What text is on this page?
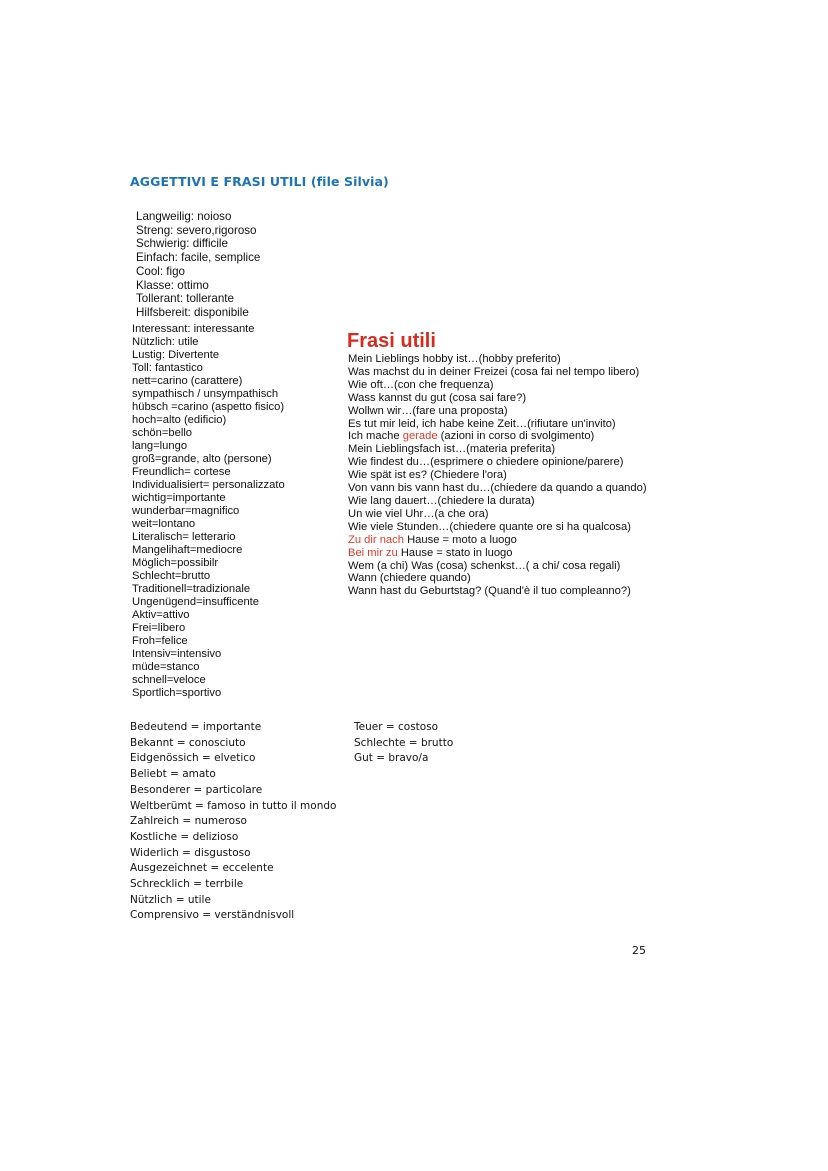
AGGETTIVI E FRASI UTILI (file Silvia)
Langweilig: noioso
Streng: severo,rigoroso
Schwierig: difficile
Einfach: facile, semplice
Cool: figo
Klasse: ottimo
Tollerant: tollerante
Hilfsbereit: disponibile
Interessant: interessante
Nützlich: utile
Lustig: Divertente
Toll: fantastico
nett=carino (carattere)
sympathisch / unsympathisch
hübsch =carino (aspetto fisico)
hoch=alto (edificio)
schön=bello
lang=lungo
groß=grande, alto (persone)
Freundlich= cortese
Individualisiert= personalizzato
wichtig=importante
wunderbar=magnifico
weit=lontano
Literalisch= letterario
Mangelihaft=mediocre
Möglich=possibilr
Schlecht=brutto
Traditionell=tradizionale
Ungenügend=insufficente
Aktiv=attivo
Frei=libero
Froh=felice
Intensiv=intensivo
müde=stanco
schnell=veloce
Sportlich=sportivo
Frasi utili
Mein Lieblings hobby ist…(hobby preferito)
Was machst du in deiner Freizei (cosa fai nel tempo libero)
Wie oft…(con che frequenza)
Wass kannst du gut (cosa sai fare?)
Wollwn wir…(fare una proposta)
Es tut mir leid, ich habe keine Zeit…(rifiutare un'invito)
Ich mache gerade (azioni in corso di svolgimento)
Mein Lieblingsfach ist…(materia preferita)
Wie findest du…(esprimere o chiedere opinione/parere)
Wie spät ist es? (Chiedere l'ora)
Von vann bis vann hast du…(chiedere da quando a quando)
Wie lang dauert…(chiedere la durata)
Un wie viel Uhr…(a che ora)
Wie viele Stunden…(chiedere quante ore si ha qualcosa)
Zu dir nach Hause = moto a luogo
Bei mir zu Hause = stato in luogo
Wem (a chi) Was (cosa) schenkst…( a chi/ cosa regali)
Wann (chiedere quando)
Wann hast du Geburtstag? (Quand'è il tuo compleanno?)
Bedeutend = importante
Bekannt = conosciuto
Eidgenössich = elvetico
Beliebt = amato
Besonderer = particolare
Weltberümt = famoso in tutto il mondo
Zahlreich = numeroso
Kostliche = delizioso
Widerlich = disgustoso
Ausgezeichnet = eccelente
Schrecklich = terrbile
Nützlich = utile
Comprensivo = verständnisvoll
Teuer = costoso
Schlechte = brutto
Gut = bravo/a
25
